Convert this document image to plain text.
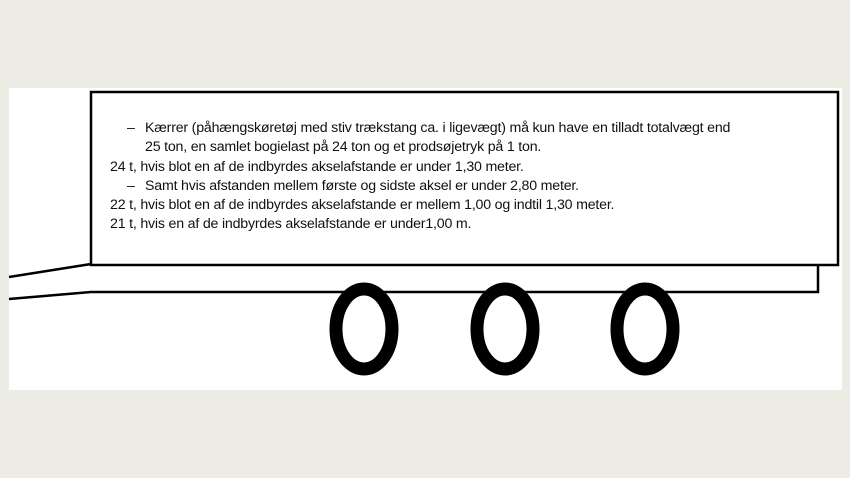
– Kærrer (påhængskøretøj med stiv trækstang ca. i ligevægt) må kun have en tilladt totalvægt end
25 ton, en samlet bogielast på 24 ton og et prodsøjetryk på 1 ton.
24 t, hvis blot en af de indbyrdes akselafstande er under 1,30 meter.
– Samt hvis afstanden mellem første og sidste aksel er under 2,80 meter.
22 t, hvis blot en af de indbyrdes akselafstande er mellem 1,00 og indtil 1,30 meter.
21 t, hvis en af de indbyrdes akselafstande er under1,00 m.
